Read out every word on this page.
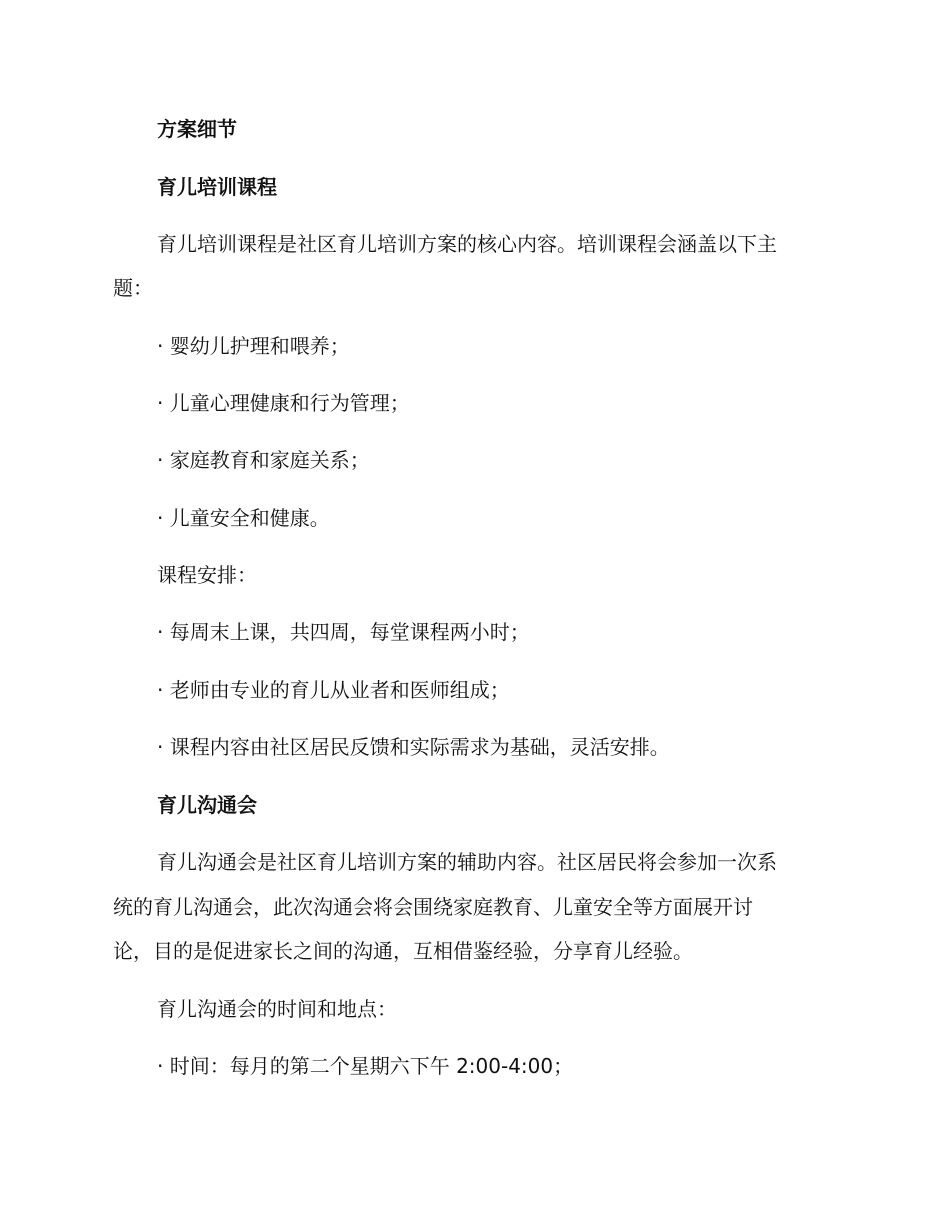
方案细节

育儿培训课程

育儿培训课程是社区育儿培训方案的核心内容。培训课程会涵盖以下主

题：

· 婴幼儿护理和喂养；

· 儿童心理健康和行为管理；

· 家庭教育和家庭关系；

· 儿童安全和健康。

课程安排：

· 每周末上课，共四周，每堂课程两小时；

· 老师由专业的育儿从业者和医师组成；

· 课程内容由社区居民反馈和实际需求为基础，灵活安排。

育儿沟通会

育儿沟通会是社区育儿培训方案的辅助内容。社区居民将会参加一次系

统的育儿沟通会，此次沟通会将会围绕家庭教育、儿童安全等方面展开讨

论，目的是促进家长之间的沟通，互相借鉴经验，分享育儿经验。

育儿沟通会的时间和地点：

· 时间：每月的第二个星期六下午 2:00-4:00；
